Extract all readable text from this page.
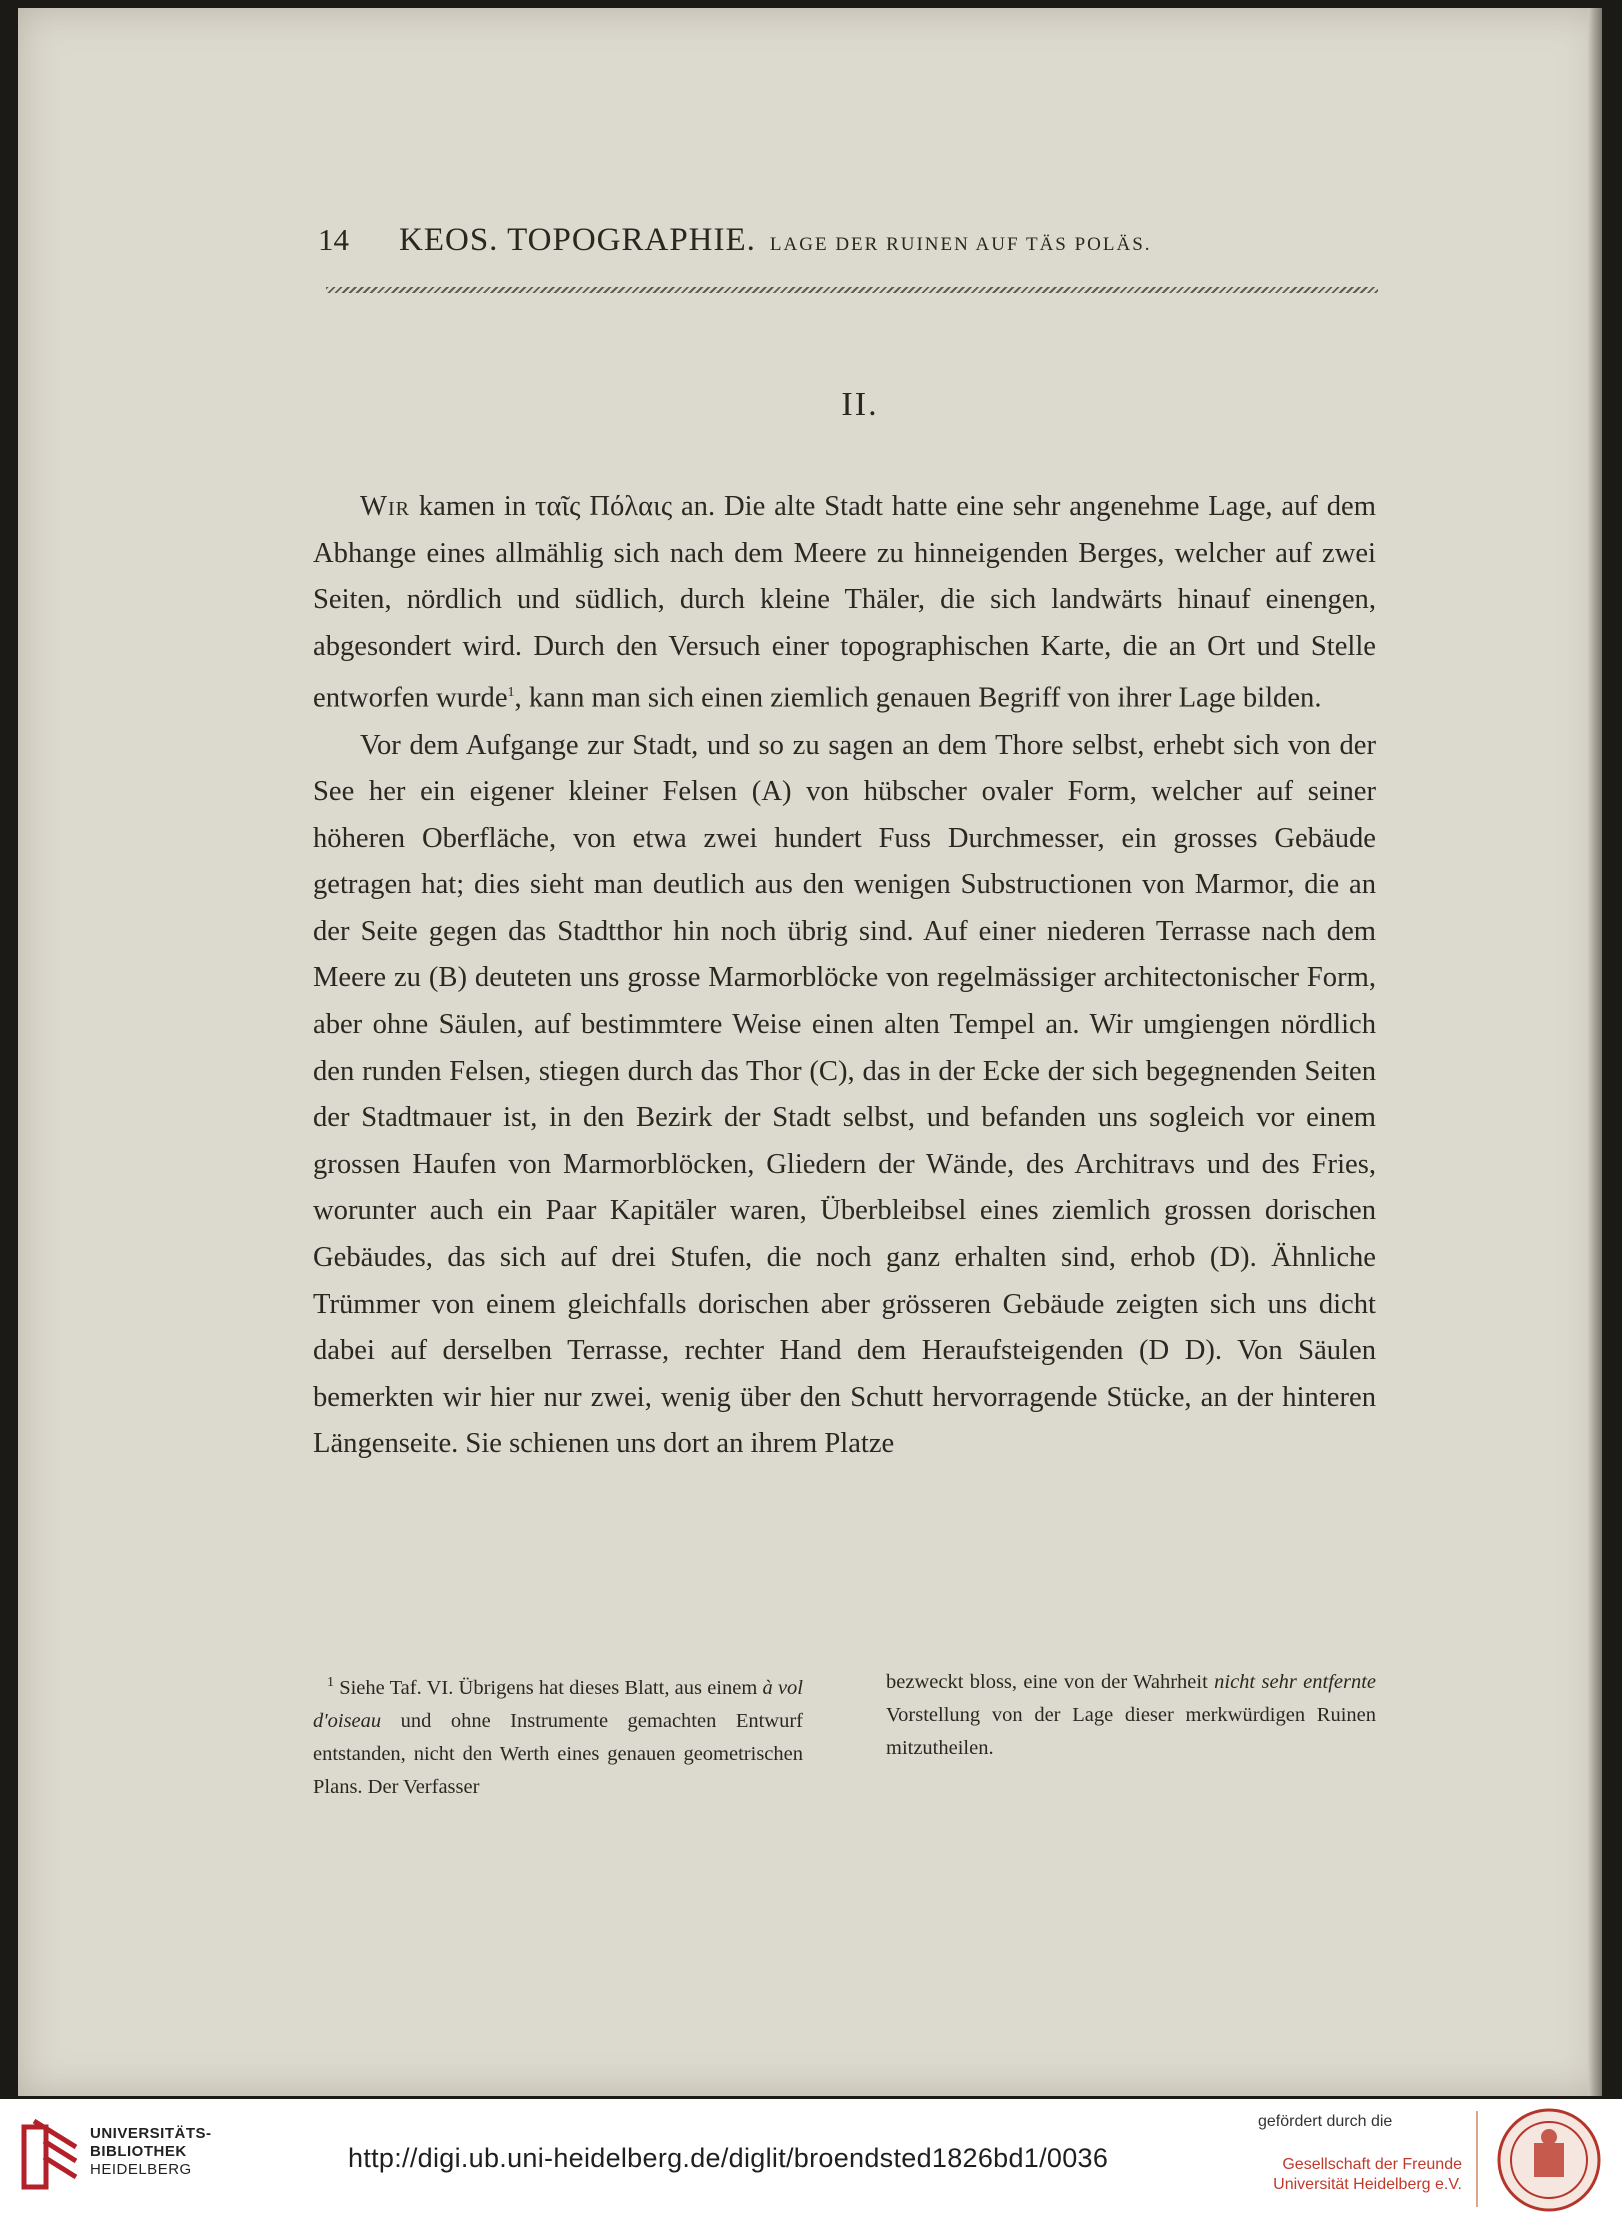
14 KEOS. TOPOGRAPHIE. LAGE DER RUINEN AUF TÄS POLÄS.
II.

Wir kamen in ταῖς Πόλαις an. Die alte Stadt hatte eine sehr angenehme Lage, auf dem Abhange eines allmählig sich nach dem Meere zu hinneigenden Berges, welcher auf zwei Seiten, nördlich und südlich, durch kleine Thäler, die sich landwärts hinauf einengen, abgesondert wird. Durch den Versuch einer topographischen Karte, die an Ort und Stelle entworfen wurde$^1$, kann man sich einen ziemlich genauen Begriff von ihrer Lage bilden.

Vor dem Aufgange zur Stadt, und so zu sagen an dem Thore selbst, erhebt sich von der See her ein eigener kleiner Felsen (A) von hübscher ovaler Form, welcher auf seiner höheren Oberfläche, von etwa zwei hundert Fuss Durchmesser, ein grosses Gebäude getragen hat; dies sieht man deutlich aus den wenigen Substructionen von Marmor, die an der Seite gegen das Stadtthor hin noch übrig sind. Auf einer niederen Terrasse nach dem Meere zu (B) deuteten uns grosse Marmorblöcke von regelmässiger architectonischer Form, aber ohne Säulen, auf bestimmtere Weise einen alten Tempel an. Wir umgiengen nördlich den runden Felsen, stiegen durch das Thor (C), das in der Ecke der sich begegnenden Seiten der Stadtmauer ist, in den Bezirk der Stadt selbst, und befanden uns sogleich vor einem grossen Haufen von Marmorblöcken, Gliedern der Wände, des Architravs und des Fries, worunter auch ein Paar Kapitäler waren, Überbleibsel eines ziemlich grossen dorischen Gebäudes, das sich auf drei Stufen, die noch ganz erhalten sind, erhob (D). Ähnliche Trümmer von einem gleichfalls dorischen aber grösseren Gebäude zeigten sich uns dicht dabei auf derselben Terrasse, rechter Hand dem Heraufsteigenden (D D). Von Säulen bemerkten wir hier nur zwei, wenig über den Schutt hervorragende Stücke, an der hinteren Längenseite. Sie schienen uns dort an ihrem Platze

$^1$ Siehe Taf. VI. Übrigens hat dieses Blatt, aus einem à vol d'oiseau und ohne Instrumente gemachten Entwurf entstanden, nicht den Werth eines genauen geometrischen Plans. Der Verfasser

bezweckt bloss, eine von der Wahrheit nicht sehr entfernte Vorstellung von der Lage dieser merkwürdigen Ruinen mitzutheilen.

UNIVERSITÄTS-
BIBLIOTHEK
HEIDELBERG	http://digi.ub.uni-heidelberg.de/diglit/broendsted1826bd1/0036
gefördert durch die
Gesellschaft der Freunde
Universität Heidelberg e.V.
